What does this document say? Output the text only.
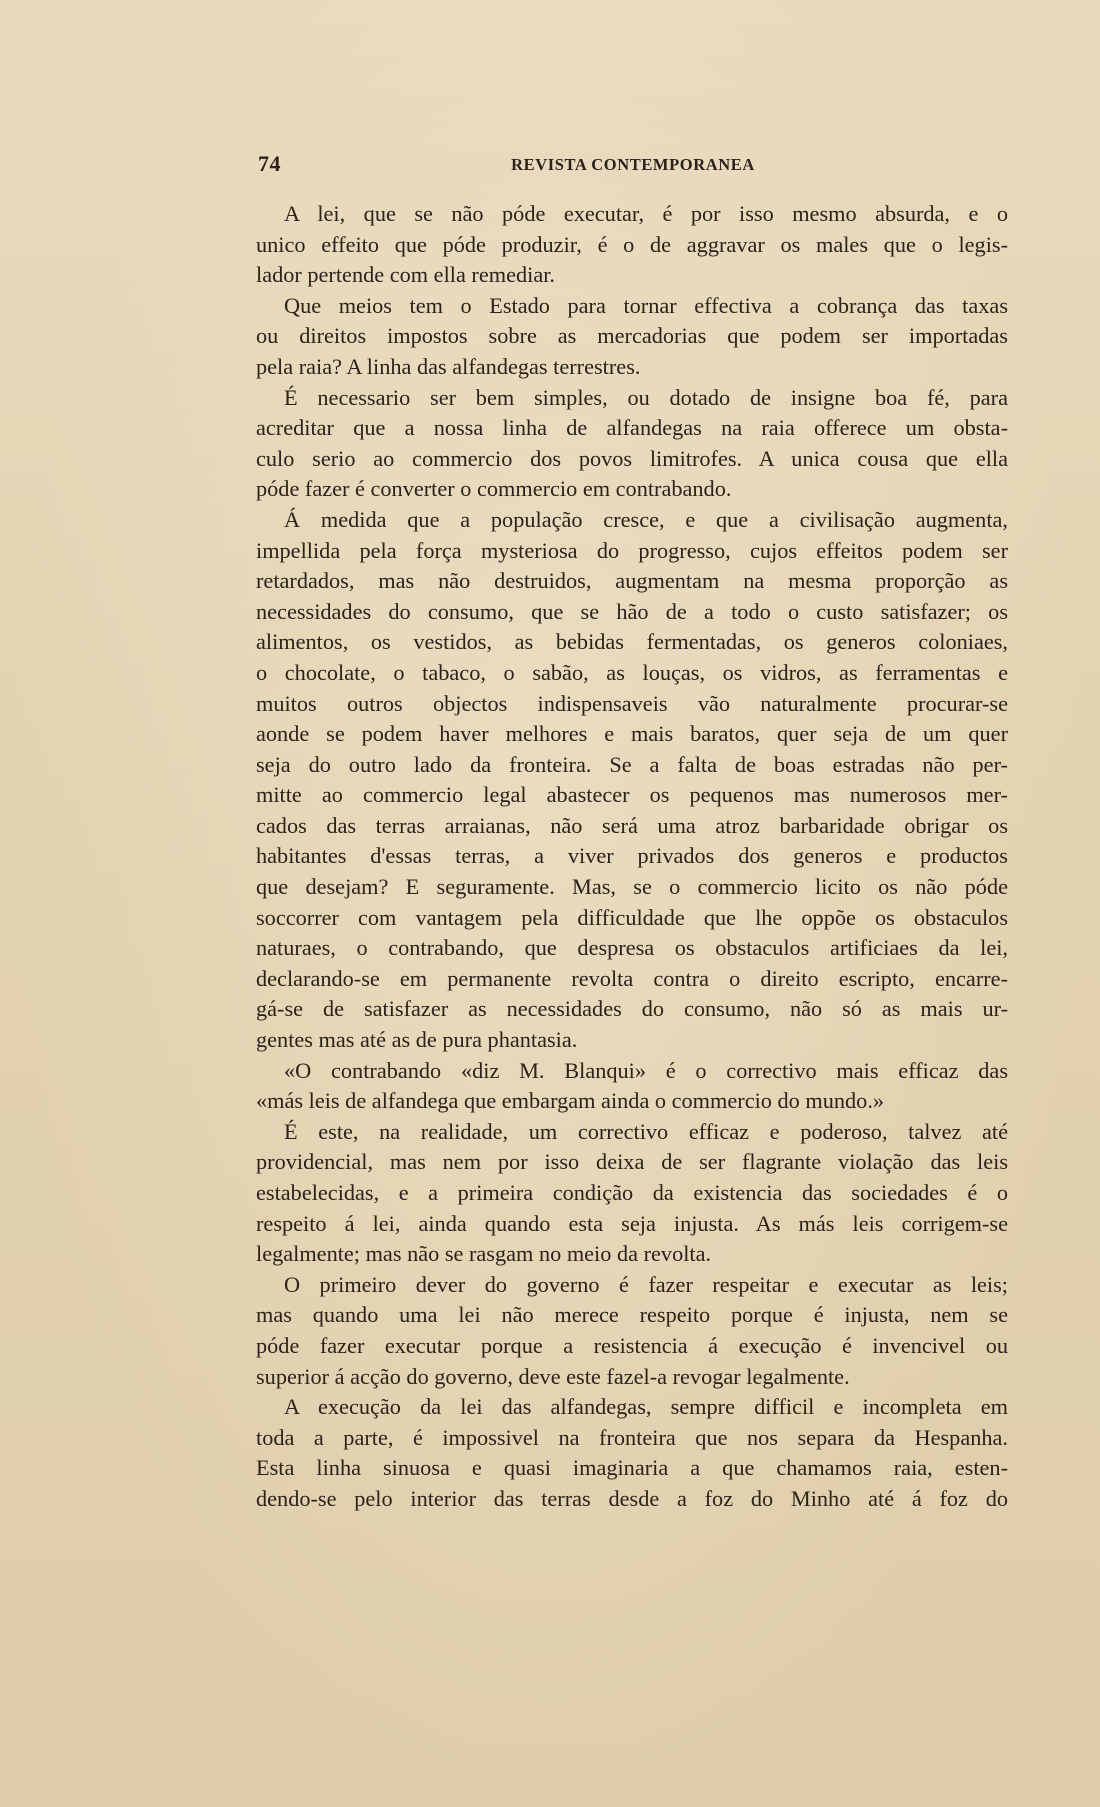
74	REVISTA CONTEMPORANEA
A lei, que se não póde executar, é por isso mesmo absurda, e o
unico effeito que póde produzir, é o de aggravar os males que o legis-
lador pertende com ella remediar.
Que meios tem o Estado para tornar effectiva a cobrança das taxas
ou direitos impostos sobre as mercadorias que podem ser importadas
pela raia? A linha das alfandegas terrestres.
É necessario ser bem simples, ou dotado de insigne boa fé, para
acreditar que a nossa linha de alfandegas na raia offerece um obsta-
culo serio ao commercio dos povos limitrofes. A unica cousa que ella
póde fazer é converter o commercio em contrabando.
Á medida que a população cresce, e que a civilisação augmenta,
impellida pela força mysteriosa do progresso, cujos effeitos podem ser
retardados, mas não destruidos, augmentam na mesma proporção as
necessidades do consumo, que se hão de a todo o custo satisfazer; os
alimentos, os vestidos, as bebidas fermentadas, os generos coloniaes,
o chocolate, o tabaco, o sabão, as louças, os vidros, as ferramentas e
muitos outros objectos indispensaveis vão naturalmente procurar-se
aonde se podem haver melhores e mais baratos, quer seja de um quer
seja do outro lado da fronteira. Se a falta de boas estradas não per-
mitte ao commercio legal abastecer os pequenos mas numerosos mer-
cados das terras arraianas, não será uma atroz barbaridade obrigar os
habitantes d'essas terras, a viver privados dos generos e productos
que desejam? E seguramente. Mas, se o commercio licito os não póde
soccorrer com vantagem pela difficuldade que lhe oppõe os obstaculos
naturaes, o contrabando, que despresa os obstaculos artificiaes da lei,
declarando-se em permanente revolta contra o direito escripto, encarre-
gá-se de satisfazer as necessidades do consumo, não só as mais ur-
gentes mas até as de pura phantasia.
«O contrabando «diz M. Blanqui» é o correctivo mais efficaz das
«más leis de alfandega que embargam ainda o commercio do mundo.»
É este, na realidade, um correctivo efficaz e poderoso, talvez até
providencial, mas nem por isso deixa de ser flagrante violação das leis
estabelecidas, e a primeira condição da existencia das sociedades é o
respeito á lei, ainda quando esta seja injusta. As más leis corrigem-se
legalmente; mas não se rasgam no meio da revolta.
O primeiro dever do governo é fazer respeitar e executar as leis;
mas quando uma lei não merece respeito porque é injusta, nem se
póde fazer executar porque a resistencia á execução é invencivel ou
superior á acção do governo, deve este fazel-a revogar legalmente.
A execução da lei das alfandegas, sempre difficil e incompleta em
toda a parte, é impossivel na fronteira que nos separa da Hespanha.
Esta linha sinuosa e quasi imaginaria a que chamamos raia, esten-
dendo-se pelo interior das terras desde a foz do Minho até á foz do
